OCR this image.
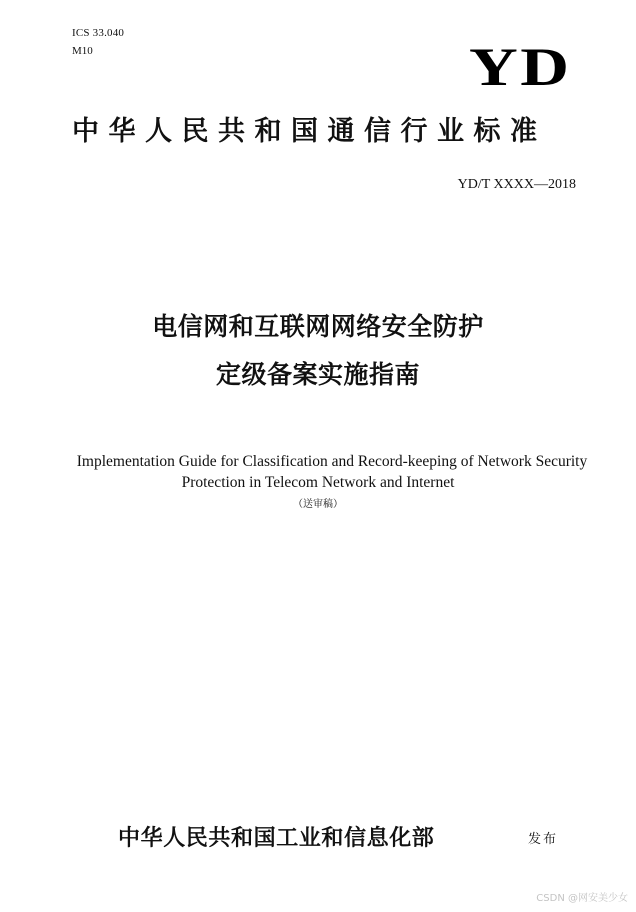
ICS 33.040
M10	YD
中华人民共和国通信行业标准
YD/T XXXX—2018
电信网和互联网网络安全防护
定级备案实施指南
Implementation Guide for Classification and Record-keeping of Network Security
Protection in Telecom Network and Internet
（送审稿）
中华人民共和国工业和信息化部	发布
CSDN @网安美少女
